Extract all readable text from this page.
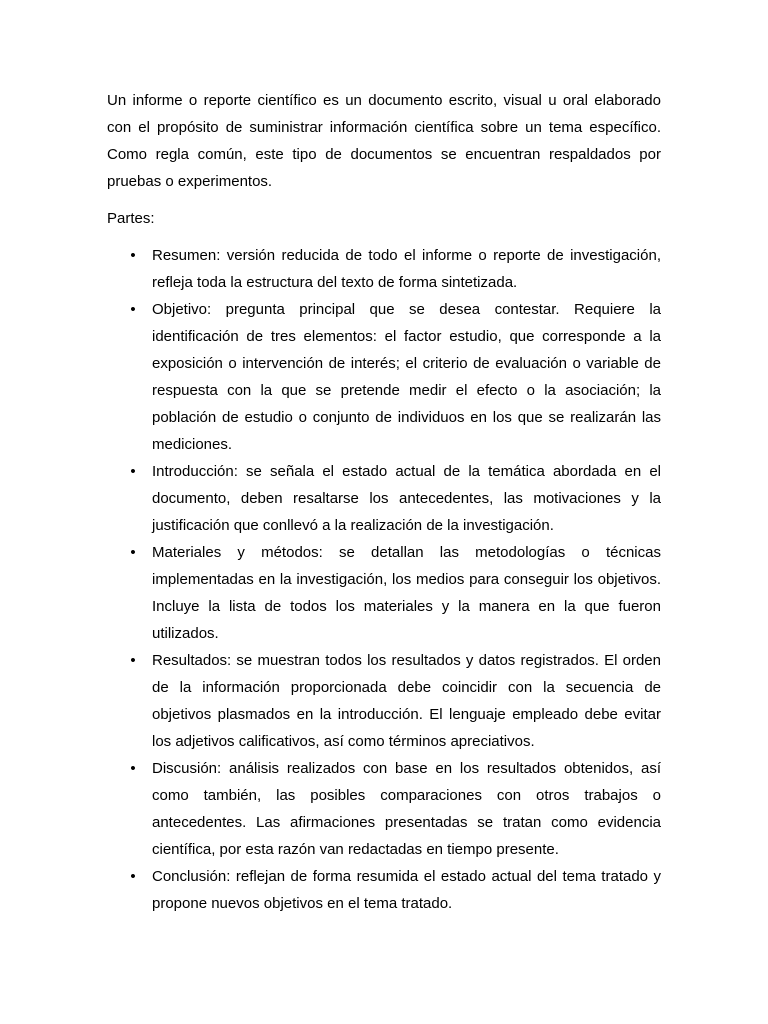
Un informe o reporte científico es un documento escrito, visual u oral elaborado con el propósito de suministrar información científica sobre un tema específico. Como regla común, este tipo de documentos se encuentran respaldados por pruebas o experimentos.

Partes:

• Resumen: versión reducida de todo el informe o reporte de investigación, refleja toda la estructura del texto de forma sintetizada.
• Objetivo: pregunta principal que se desea contestar. Requiere la identificación de tres elementos: el factor estudio, que corresponde a la exposición o intervención de interés; el criterio de evaluación o variable de respuesta con la que se pretende medir el efecto o la asociación; la población de estudio o conjunto de individuos en los que se realizarán las mediciones.
• Introducción: se señala el estado actual de la temática abordada en el documento, deben resaltarse los antecedentes, las motivaciones y la justificación que conllevó a la realización de la investigación.
• Materiales y métodos: se detallan las metodologías o técnicas implementadas en la investigación, los medios para conseguir los objetivos. Incluye la lista de todos los materiales y la manera en la que fueron utilizados.
• Resultados: se muestran todos los resultados y datos registrados. El orden de la información proporcionada debe coincidir con la secuencia de objetivos plasmados en la introducción. El lenguaje empleado debe evitar los adjetivos calificativos, así como términos apreciativos.
• Discusión: análisis realizados con base en los resultados obtenidos, así como también, las posibles comparaciones con otros trabajos o antecedentes. Las afirmaciones presentadas se tratan como evidencia científica, por esta razón van redactadas en tiempo presente.
• Conclusión: reflejan de forma resumida el estado actual del tema tratado y propone nuevos objetivos en el tema tratado.
